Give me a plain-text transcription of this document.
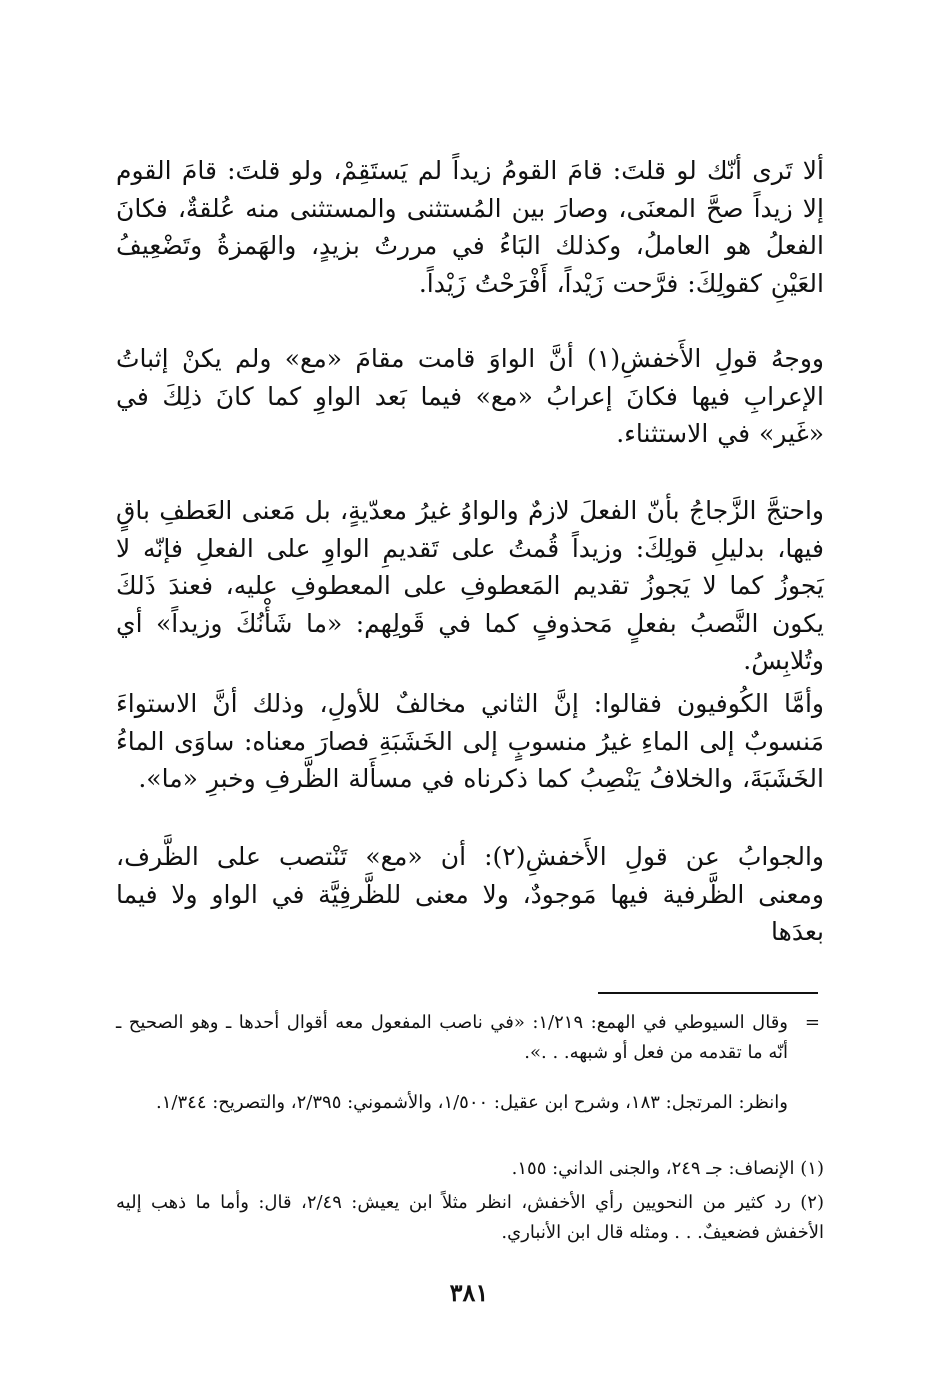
ألا تَرى أنّك لو قلتَ: قامَ القومُ زيداً لم يَستَقِمْ، ولو قلتَ: قامَ القوم إلا زيداً صحَّ المعنَى، وصارَ بين المُستثنى والمستثنى منه عُلقةٌ، فكانَ الفعلُ هو العاملُ، وكذلك البَاءُ في مررتُ بزيدٍ، والهَمزةُ وتَضْعِيفُ العَيْنِ كقولِكَ: فرَّحت زَيْداً، أَفْرَحْتُ زَيْداً.

ووجهُ قولِ الأَخفشِ(١) أنَّ الواوَ قامت مقامَ «مع» ولم يكنْ إثباتُ الإعرابِ فيها فكانَ إعرابُ «مع» فيما بَعد الواوِ كما كانَ ذلِكَ في «غَير» في الاستثناء.

واحتجَّ الزَّجاجُ بأنّ الفعلَ لازمٌ والواوُ غيرُ معدّيةٍ، بل مَعنى العَطفِ باقٍ فيها، بدليلِ قولِكَ: وزيداً قُمتُ على تَقديمِ الواوِ على الفعلِ فإنّه لا يَجوزُ كما لا يَجوزُ تقديم المَعطوفِ على المعطوفِ عليه، فعندَ ذَلكَ يكون النَّصبُ بفعلٍ مَحذوفٍ كما في قَولِهم: «ما شَأْنُكَ وزيداً» أي وتُلابِسُ.

وأمَّا الكُوفيون فقالوا: إنَّ الثاني مخالفٌ للأولِ، وذلك أنَّ الاستواءَ مَنسوبٌ إلى الماءِ غيرُ منسوبٍ إلى الخَشَبَةِ فصارَ معناه: ساوَى الماءُ الخَشَبَةَ، والخلافُ يَنْصِبُ كما ذكرناه في مسأَلة الظَّرفِ وخبرِ «ما».

والجوابُ عن قولِ الأَخفشِ(٢): أن «مع» تَنْتصب على الظَّرف، ومعنى الظَّرفية فيها مَوجودٌ، ولا معنى للظَّرفِيَّة في الواو ولا فيما بعدَها

=
وقال السيوطي في الهمع: ١/٢١٩: «في ناصب المفعول معه أقوال أحدها ـ وهو الصحيح ـ أنّه ما تقدمه من فعل أو شبهه. . .».

وانظر: المرتجل: ١٨٣، وشرح ابن عقيل: ١/٥٠٠، والأشموني: ٢/٣٩٥، والتصريح: ١/٣٤٤.

(١) الإنصاف: جـ ٢٤٩، والجنى الداني: ١٥٥.

(٢) رد كثير من النحويين رأي الأخفش، انظر مثلاً ابن يعيش: ٢/٤٩، قال: وأما ما ذهب إليه الأخفش فضعيفٌ. . . ومثله قال ابن الأنباري.

٣٨١
